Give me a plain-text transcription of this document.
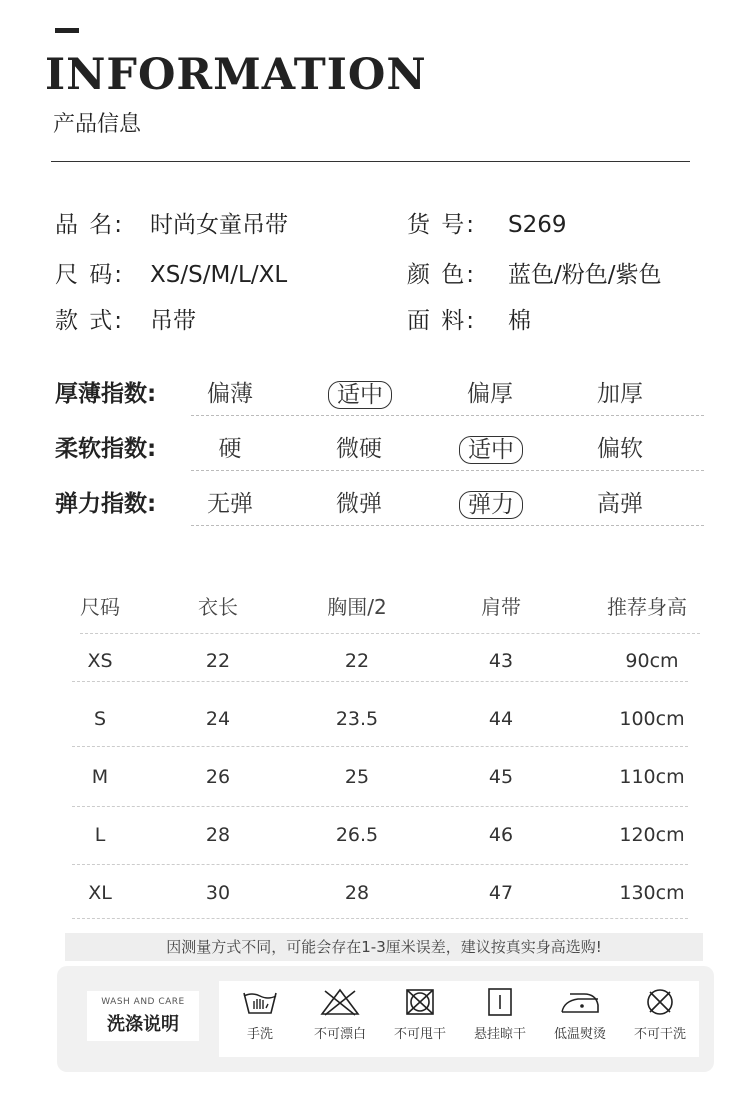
INFORMATION
产品信息
品 名: 时尚女童吊带	货 号: S269
尺 码: XS/S/M/L/XL	颜 色: 蓝色/粉色/紫色
款 式: 吊带	面 料: 棉
厚薄指数:	偏薄	适中	偏厚	加厚
柔软指数:	硬	微硬	适中	偏软
弹力指数:	无弹	微弹	弹力	高弹
尺码	衣长	胸围/2	肩带	推荐身高
XS	22	22	43	90cm
S	24	23.5	44	100cm
M	26	25	45	110cm
L	28	26.5	46	120cm
XL	30	28	47	130cm
因测量方式不同，可能会存在1-3厘米误差，建议按真实身高选购!
WASH AND CARE
洗涤说明	手洗	不可漂白	不可甩干	悬挂晾干	低温熨烫	不可干洗
